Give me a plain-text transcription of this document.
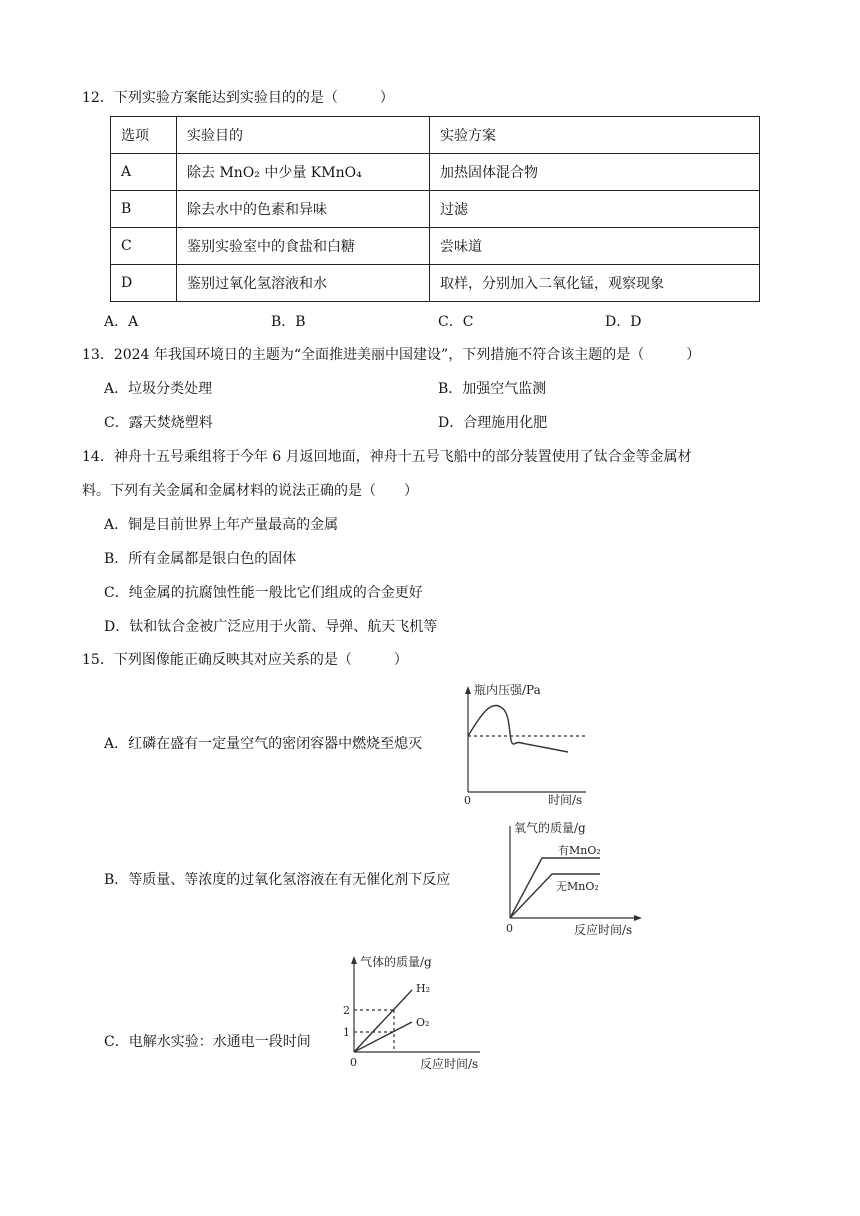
12．下列实验方案能达到实验目的的是（　　　）
选项	实验目的	实验方案
A	除去 MnO₂ 中少量 KMnO₄	加热固体混合物
B	除去水中的色素和异味	过滤
C	鉴别实验室中的食盐和白糖	尝味道
D	鉴别过氧化氢溶液和水	取样，分别加入二氧化锰，观察现象
A．A	B．B	C．C	D．D
13．2024 年我国环境日的主题为“全面推进美丽中国建设”，下列措施不符合该主题的是（　　　）
A．垃圾分类处理	B．加强空气监测
C．露天焚烧塑料	D．合理施用化肥
14．神舟十五号乘组将于今年 6 月返回地面，神舟十五号飞船中的部分装置使用了钛合金等金属材
料。下列有关金属和金属材料的说法正确的是（　　）
A．铜是目前世界上年产量最高的金属
B．所有金属都是银白色的固体
C．纯金属的抗腐蚀性能一般比它们组成的合金更好
D．钛和钛合金被广泛应用于火箭、导弹、航天飞机等
15．下列图像能正确反映其对应关系的是（　　　）
A．红磷在盛有一定量空气的密闭容器中燃烧至熄灭
B．等质量、等浓度的过氧化氢溶液在有无催化剂下反应
C．电解水实验：水通电一段时间
瓶内压强/Pa
0	时间/s
氧气的质量/g
有MnO₂
无MnO₂
0	反应时间/s
气体的质量/g
H₂
O₂
1
2
0	反应时间/s
